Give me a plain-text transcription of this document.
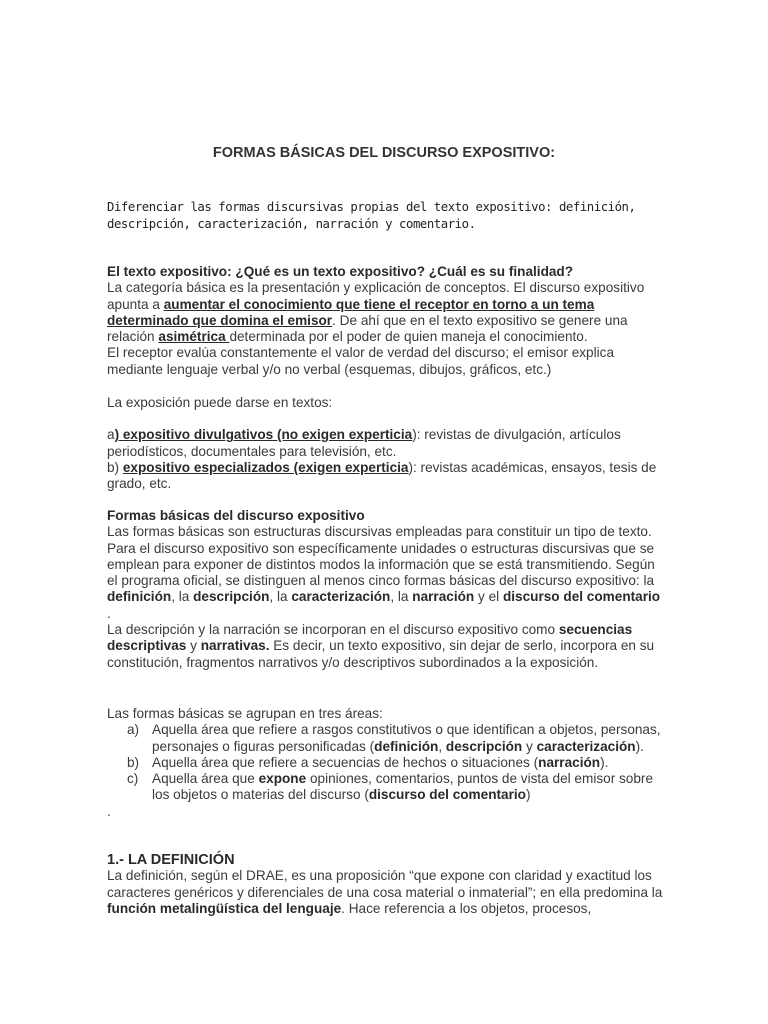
FORMAS BÁSICAS DEL DISCURSO EXPOSITIVO:
Diferenciar las formas discursivas propias del texto expositivo: definición, descripción, caracterización, narración y comentario.

El texto expositivo: ¿Qué es un texto expositivo? ¿Cuál es su finalidad?

La categoría básica es la presentación y explicación de conceptos. El discurso expositivo apunta a aumentar el conocimiento que tiene el receptor en torno a un tema determinado que domina el emisor. De ahí que en el texto expositivo se genere una relación asimétrica determinada por el poder de quien maneja el conocimiento.

El receptor evalúa constantemente el valor de verdad del discurso; el emisor explica mediante lenguaje verbal y/o no verbal (esquemas, dibujos, gráficos, etc.)

La exposición puede darse en textos:

a) expositivo divulgativos (no exigen experticia): revistas de divulgación, artículos periodísticos, documentales para televisión, etc.

b) expositivo especializados (exigen experticia): revistas académicas, ensayos, tesis de grado, etc.

Formas básicas del discurso expositivo

Las formas básicas son estructuras discursivas empleadas para constituir un tipo de texto. Para el discurso expositivo son específicamente unidades o estructuras discursivas que se emplean para exponer de distintos modos la información que se está transmitiendo. Según el programa oficial, se distinguen al menos cinco formas básicas del discurso expositivo: la definición, la descripción, la caracterización, la narración y el discurso del comentario

.

La descripción y la narración se incorporan en el discurso expositivo como secuencias descriptivas y narrativas. Es decir, un texto expositivo, sin dejar de serlo, incorpora en su constitución, fragmentos narrativos y/o descriptivos subordinados a la exposición.

Las formas básicas se agrupan en tres áreas:

a) Aquella área que refiere a rasgos constitutivos o que identifican a objetos, personas, personajes o figuras personificadas (definición, descripción y caracterización).
b) Aquella área que refiere a secuencias de hechos o situaciones (narración).
c) Aquella área que expone opiniones, comentarios, puntos de vista del emisor sobre los objetos o materias del discurso (discurso del comentario)

.

1.- LA DEFINICIÓN

La definición, según el DRAE, es una proposición “que expone con claridad y exactitud los caracteres genéricos y diferenciales de una cosa material o inmaterial”; en ella predomina la función metalingüística del lenguaje. Hace referencia a los objetos, procesos,
